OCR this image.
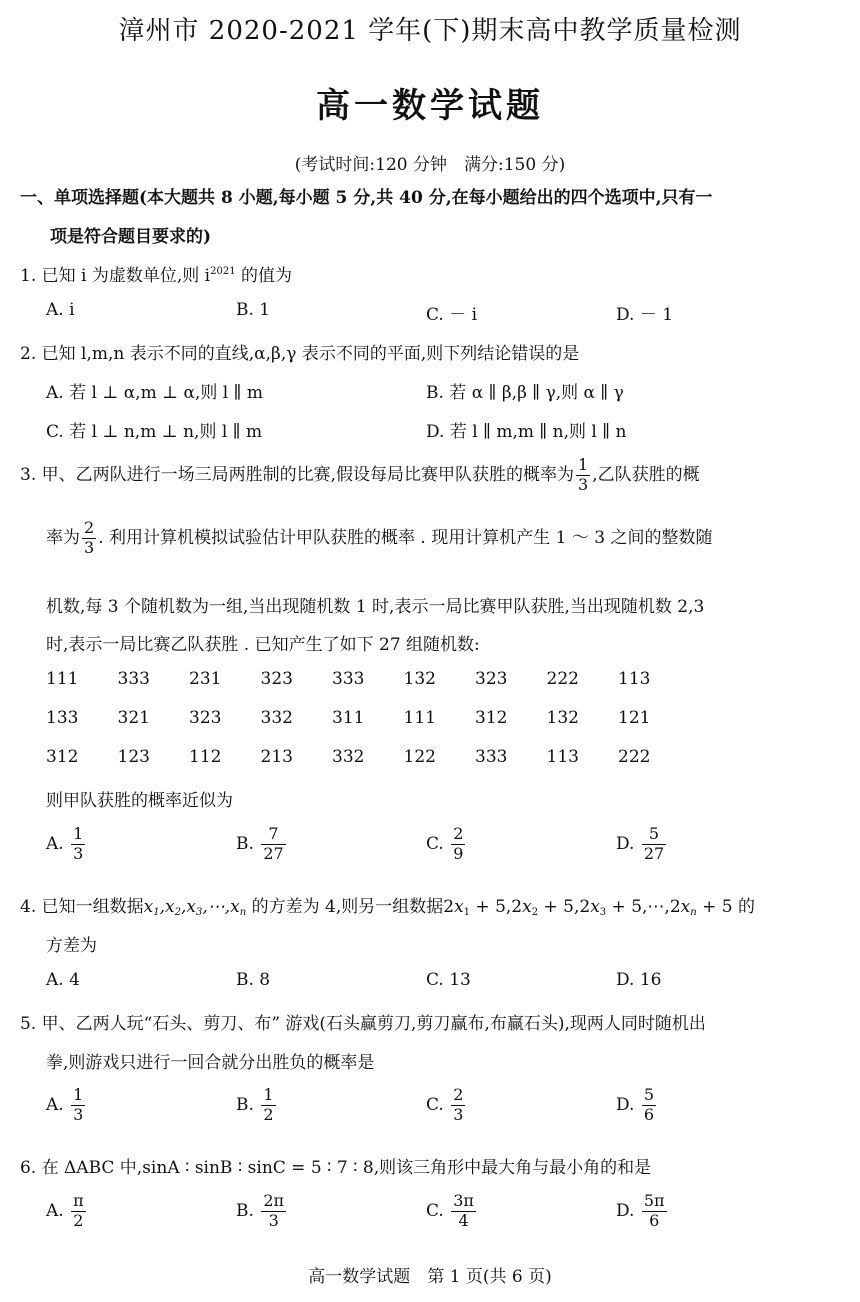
漳州市 2020-2021 学年(下)期末高中教学质量检测
高一数学试题
(考试时间:120 分钟　满分:150 分)
一、单项选择题(本大题共 8 小题,每小题 5 分,共 40 分,在每小题给出的四个选项中,只有一
项是符合题目要求的)
1. 已知 i 为虚数单位,则 $i^{2021}$ 的值为
A. i	B. 1	C. － i	D. － 1
2. 已知 l,m,n 表示不同的直线,α,β,γ 表示不同的平面,则下列结论错误的是
A. 若 l ⊥ α,m ⊥ α,则 l ∥ m	B. 若 α ∥ β,β ∥ γ,则 α ∥ γ
C. 若 l ⊥ n,m ⊥ n,则 l ∥ m	D. 若 l ∥ m,m ∥ n,则 l ∥ n
3. 甲、乙两队进行一场三局两胜制的比赛,假设每局比赛甲队获胜的概率为 $\frac{1}{3}$ ,乙队获胜的概
率为 $\frac{2}{3}$ . 利用计算机模拟试验估计甲队获胜的概率 . 现用计算机产生 1 ～ 3 之间的整数随
机数,每 3 个随机数为一组,当出现随机数 1 时,表示一局比赛甲队获胜,当出现随机数 2,3
时,表示一局比赛乙队获胜 . 已知产生了如下 27 组随机数:
111 333 231 323 333 132 323 222 113
133 321 323 332 311 111 312 132 121
312 123 112 213 332 122 333 113 222
则甲队获胜的概率近似为
A. $\frac{1}{3}$	B. $\frac{7}{27}$	C. $\frac{2}{9}$	D. $\frac{5}{27}$
4. 已知一组数据$x_1,x_2,x_3,\cdots,x_n$ 的方差为 4,则另一组数据$2x_1 + 5,2x_2 + 5,2x_3$ + $5,\cdots,2x_n + 5$ 的
方差为
A. 4	B. 8	C. 13	D. 16
5. 甲、乙两人玩“石头、剪刀、布” 游戏(石头赢剪刀,剪刀赢布,布赢石头),现两人同时随机出
拳,则游戏只进行一回合就分出胜负的概率是
A. $\frac{1}{3}$	B. $\frac{1}{2}$	C. $\frac{2}{3}$	D. $\frac{5}{6}$
6. 在 ΔABC 中,sinA ∶ sinB ∶ sinC = 5 ∶ 7 ∶ 8,则该三角形中最大角与最小角的和是
A. $\frac{\pi}{2}$	B. $\frac{2\pi}{3}$	C. $\frac{3\pi}{4}$	D. $\frac{5\pi}{6}$
高一数学试题　第 1 页(共 6 页)
